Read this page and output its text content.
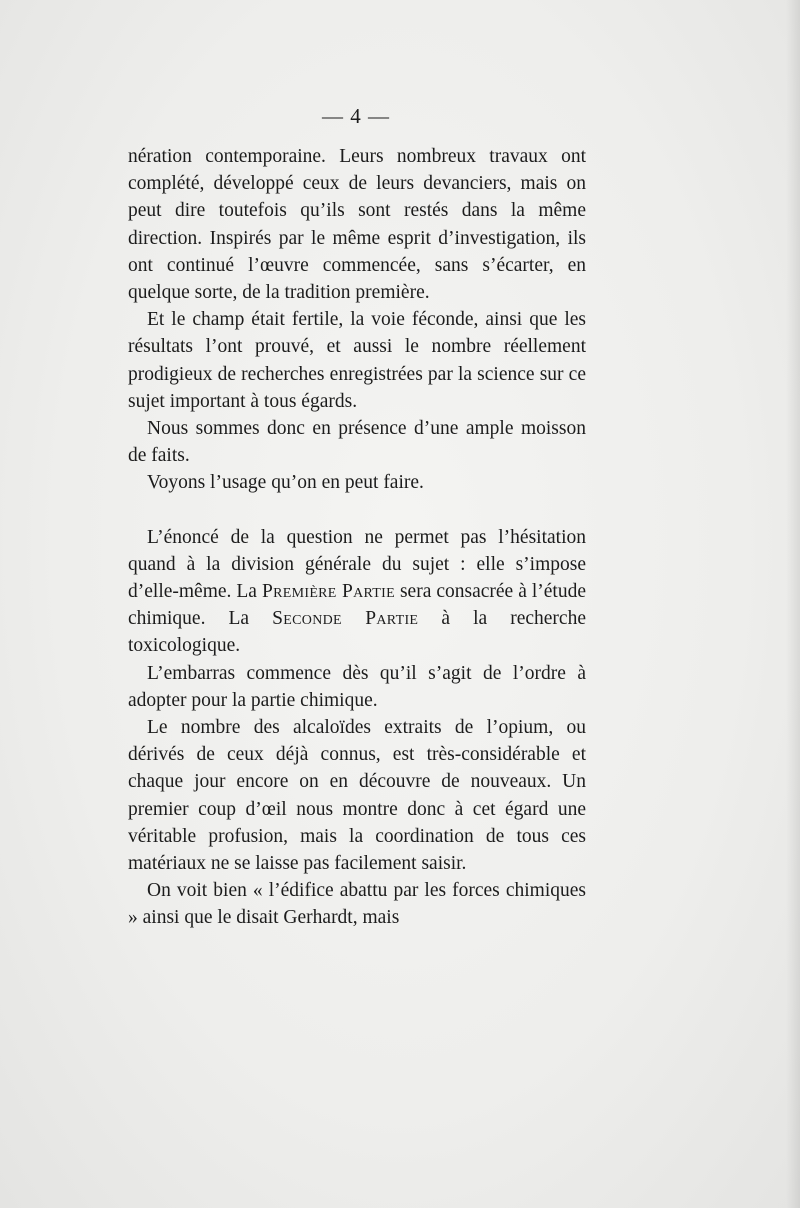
— 4 —

nération contemporaine. Leurs nombreux travaux ont complété, développé ceux de leurs devanciers, mais on peut dire toutefois qu’ils sont restés dans la même direction. Inspirés par le même esprit d’investigation, ils ont continué l’œuvre commencée, sans s’écarter, en quelque sorte, de la tradition première.

Et le champ était fertile, la voie féconde, ainsi que les résultats l’ont prouvé, et aussi le nombre réellement prodigieux de recherches enregistrées par la science sur ce sujet important à tous égards.

Nous sommes donc en présence d’une ample moisson de faits.

Voyons l’usage qu’on en peut faire.

L’énoncé de la question ne permet pas l’hésitation quand à la division générale du sujet : elle s’impose d’elle-même. La Première Partie sera consacrée à l’étude chimique. La Seconde Partie à la recherche toxicologique.

L’embarras commence dès qu’il s’agit de l’ordre à adopter pour la partie chimique.

Le nombre des alcaloïdes extraits de l’opium, ou dérivés de ceux déjà connus, est très-considérable et chaque jour encore on en découvre de nouveaux. Un premier coup d’œil nous montre donc à cet égard une véritable profusion, mais la coordination de tous ces matériaux ne se laisse pas facilement saisir.

On voit bien « l’édifice abattu par les forces chimiques » ainsi que le disait Gerhardt, mais
